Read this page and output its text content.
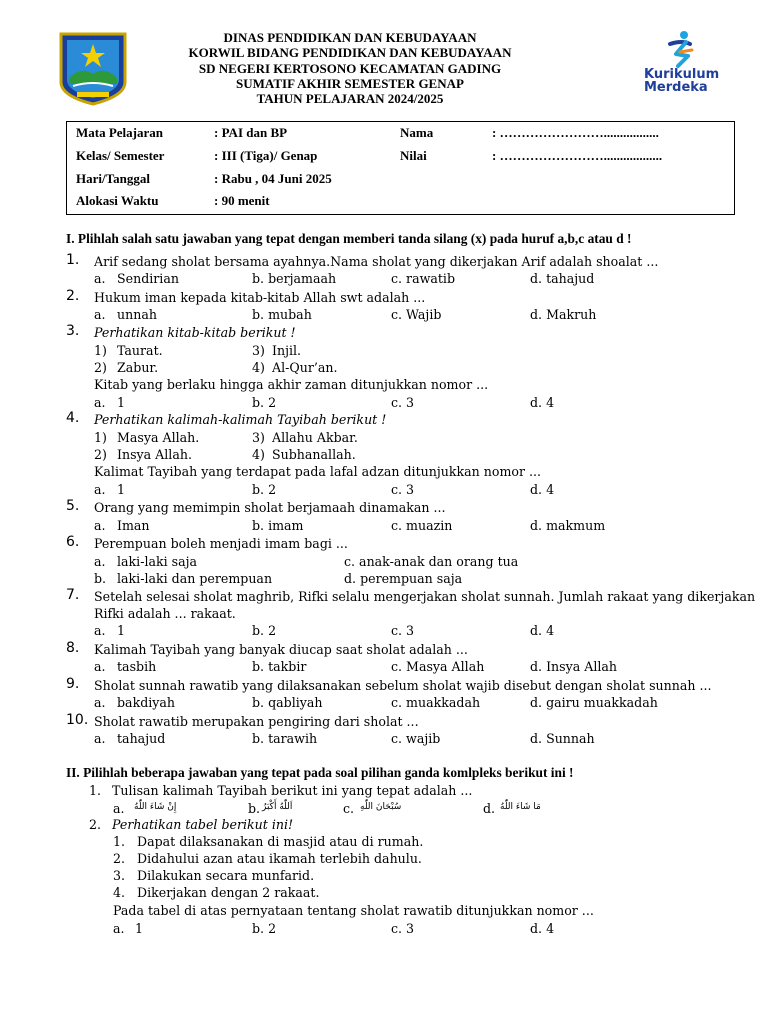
DINAS PENDIDIKAN DAN KEBUDAYAAN
KORWIL BIDANG PENDIDIKAN DAN KEBUDAYAAN
SD NEGERI KERTOSONO KECAMATAN GADING
SUMATIF AKHIR SEMESTER GENAP
TAHUN PELAJARAN 2024/2025
Kurikulum
Merdeka
Mata Pelajaran	: PAI dan BP	Nama	: …………………….................
Kelas/ Semester	: III (Tiga)/ Genap	Nilai	: ……………………..................
Hari/Tanggal	: Rabu , 04 Juni 2025
Alokasi Waktu	: 90 menit
I. Plihlah salah satu jawaban yang tepat dengan memberi tanda silang (x) pada huruf a,b,c atau d !
1. Arif sedang sholat bersama ayahnya.Nama sholat yang dikerjakan Arif adalah shoalat ...
a. Sendirian	b. berjamaah	c. rawatib	d. tahajud
2. Hukum iman kepada kitab-kitab Allah swt adalah ...
a. unnah	b. mubah	c. Wajib	d. Makruh
3. Perhatikan kitab-kitab berikut !
1) Taurat.	3) Injil.
2) Zabur.	4) Al-Qur’an.
Kitab yang berlaku hingga akhir zaman ditunjukkan nomor ...
a. 1	b. 2	c. 3	d. 4
4. Perhatikan kalimah-kalimah Tayibah berikut !
1) Masya Allah.	3) Allahu Akbar.
2) Insya Allah.	4) Subhanallah.
Kalimat Tayibah yang terdapat pada lafal adzan ditunjukkan nomor ...
a. 1	b. 2	c. 3	d. 4
5. Orang yang memimpin sholat berjamaah dinamakan ...
a. Iman	b. imam	c. muazin	d. makmum
6. Perempuan boleh menjadi imam bagi ...
a. laki-laki saja	c. anak-anak dan orang tua
b. laki-laki dan perempuan	d. perempuan saja
7. Setelah selesai sholat maghrib, Rifki selalu mengerjakan sholat sunnah. Jumlah rakaat yang dikerjakan
Rifki adalah ... rakaat.
a. 1	b. 2	c. 3	d. 4
8. Kalimah Tayibah yang banyak diucap saat sholat adalah ...
a. tasbih	b. takbir	c. Masya Allah	d. Insya Allah
9. Sholat sunnah rawatib yang dilaksanakan sebelum sholat wajib disebut dengan sholat sunnah ...
a. bakdiyah	b. qabliyah	c. muakkadah	d. gairu muakkadah
10. Sholat rawatib merupakan pengiring dari sholat ...
a. tahajud	b. tarawih	c. wajib	d. Sunnah
II. Pilihlah beberapa jawaban yang tepat pada soal pilihan ganda komlpleks berikut ini !
1. Tulisan kalimah Tayibah berikut ini yang tepat adalah ...
a. إِنْ شَاءَ اللّٰهُ	b. اَللّٰهُ أَكْبَرُ	c. سُبْحَانَ اللّٰهِ	d. مَا شَاءَ اللّٰهُ
2. Perhatikan tabel berikut ini!
1. Dapat dilaksanakan di masjid atau di rumah.
2. Didahului azan atau ikamah terlebih dahulu.
3. Dilakukan secara munfarid.
4. Dikerjakan dengan 2 rakaat.
Pada tabel di atas pernyataan tentang sholat rawatib ditunjukkan nomor ...
a. 1	b. 2	c. 3	d. 4
